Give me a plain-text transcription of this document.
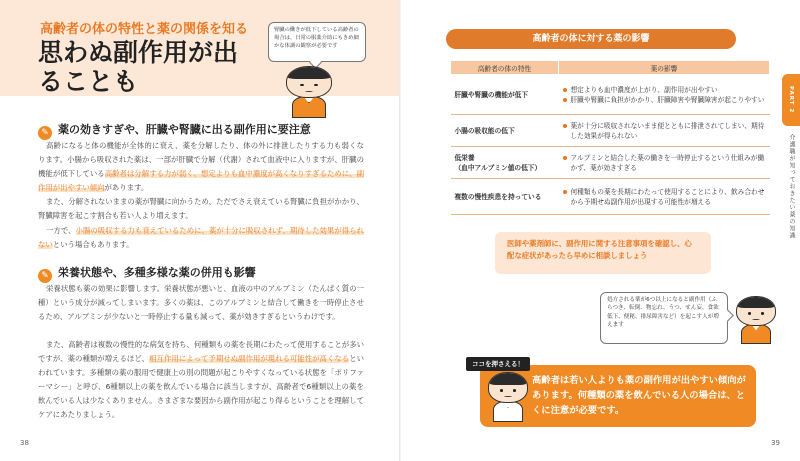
高齢者の体の特性と薬の関係を知る
思わぬ副作用が出ることも
腎臓の働きが低下している高齢者の場合は、日常の服薬介助にもきめ細かな体調の観察が必要です
✎ 薬の効きすぎや、肝臓や腎臓に出る副作用に要注意
高齢になると体の機能が全体的に衰え、薬を分解したり、体の外に排泄したりする力も弱くなります。小腸から吸収された薬は、一部が肝臓で分解（代謝）されて血液中に入りますが、肝臓の機能が低下している高齢者は分解する力が弱く、想定よりも血中濃度が高くなりすぎるために、副作用が出やすい傾向があります。
また、分解されないままの薬が腎臓に向かうため、ただでさえ衰えている腎臓に負担がかかり、腎臓障害を起こす割合も若い人より増えます。
一方で、小腸の吸収する力も衰えているために、薬が十分に吸収されず、期待した効果が得られないという場合もあります。
✎ 栄養状態や、多種多様な薬の併用も影響
栄養状態も薬の効果に影響します。栄養状態が悪いと、血液の中のアルブミン（たんぱく質の一種）という成分が減ってしまいます。多くの薬は、このアルブミンと結合して働きを一時停止させるため、アルブミンが少ないと一時停止する量も減って、薬が効きすぎるというわけです。
また、高齢者は複数の慢性的な病気を持ち、何種類もの薬を長期にわたって使用することが多いですが、薬の種類が増えるほど、相互作用によって予期せぬ副作用が現れる可能性が高くなるといわれています。多種類の薬の服用で健康上の別の問題が起こりやすくなっている状態を「ポリファーマシー」と呼び、6種類以上の薬を飲んでいる場合に該当しますが、高齢者で6種類以上の薬を飲んでいる人は少なくありません。さまざまな要因から副作用が起こり得るということを理解してケアにあたりましょう。
38
高齢者の体に対する薬の影響
高齢者の体の特性	薬の影響
肝臓や腎臓の機能が低下	想定よりも血中濃度が上がり、副作用が出やすい
肝臓や腎臓に負担がかかり、肝臓障害や腎臓障害が起こりやすい

小腸の吸収能の低下	薬が十分に吸収されないまま便とともに排泄されてしまい、期待した効果が得られない

低栄養
（血中アルブミン値の低下）	アルブミンと結合した薬の働きを一時停止するという仕組みが働かず、薬が効きすぎる

複数の慢性疾患を持っている	何種類もの薬を長期にわたって使用することにより、飲み合わせから予期せぬ副作用が出現する可能性が増える
医師や薬剤師に、副作用に関する注意事項を確認し、心配な症状があったら早めに相談しましょう
処方される薬が6つ以上になると副作用（ふらつき、転倒、物忘れ、うつ、せん妄、食欲低下、便秘、排尿障害など）を起こす人が増えます
ココを押さえる！
高齢者は若い人よりも薬の副作用が出やすい傾向があります。何種類の薬を飲んでいる人の場合は、とくに注意が必要です。
PART 2
介護職が知っておきたい薬の知識
39
